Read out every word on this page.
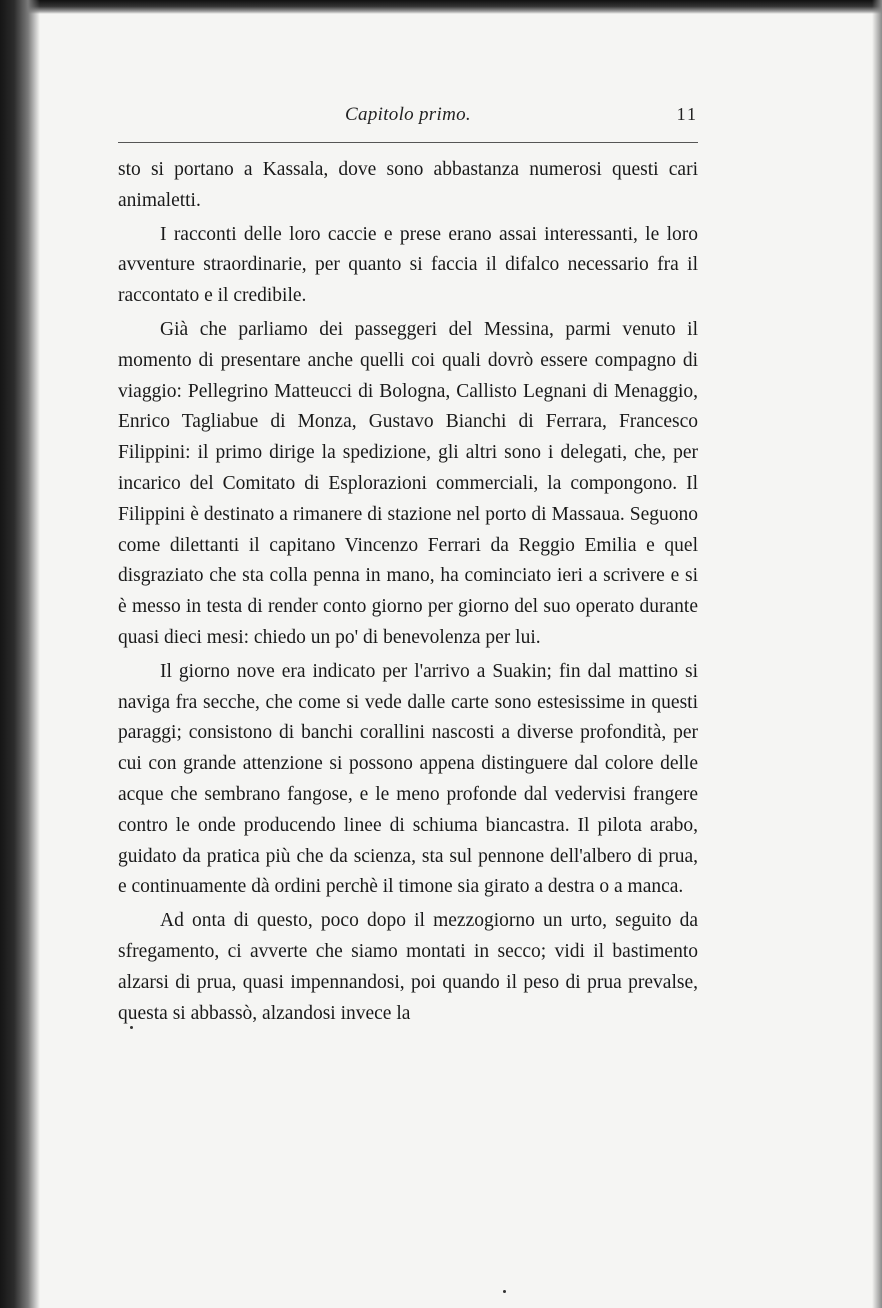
Capitolo primo.	11

sto si portano a Kassala, dove sono abbastanza numerosi questi cari animaletti.

I racconti delle loro caccie e prese erano assai interessanti, le loro avventure straordinarie, per quanto si faccia il difalco necessario fra il raccontato e il credibile.

Già che parliamo dei passeggeri del Messina, parmi venuto il momento di presentare anche quelli coi quali dovrò essere compagno di viaggio: Pellegrino Matteucci di Bologna, Callisto Legnani di Menaggio, Enrico Tagliabue di Monza, Gustavo Bianchi di Ferrara, Francesco Filippini: il primo dirige la spedizione, gli altri sono i delegati, che, per incarico del Comitato di Esplorazioni commerciali, la compongono. Il Filippini è destinato a rimanere di stazione nel porto di Massaua. Seguono come dilettanti il capitano Vincenzo Ferrari da Reggio Emilia e quel disgraziato che sta colla penna in mano, ha cominciato ieri a scrivere e si è messo in testa di render conto giorno per giorno del suo operato durante quasi dieci mesi: chiedo un po' di benevolenza per lui.

Il giorno nove era indicato per l'arrivo a Suakin; fin dal mattino si naviga fra secche, che come si vede dalle carte sono estesissime in questi paraggi; consistono di banchi corallini nascosti a diverse profondità, per cui con grande attenzione si possono appena distinguere dal colore delle acque che sembrano fangose, e le meno profonde dal vedervisi frangere contro le onde producendo linee di schiuma biancastra. Il pilota arabo, guidato da pratica più che da scienza, sta sul pennone dell'albero di prua, e continuamente dà ordini perchè il timone sia girato a destra o a manca.

Ad onta di questo, poco dopo il mezzogiorno un urto, seguito da sfregamento, ci avverte che siamo montati in secco; vidi il bastimento alzarsi di prua, quasi impennandosi, poi quando il peso di prua prevalse, questa si abbassò, alzandosi invece la
